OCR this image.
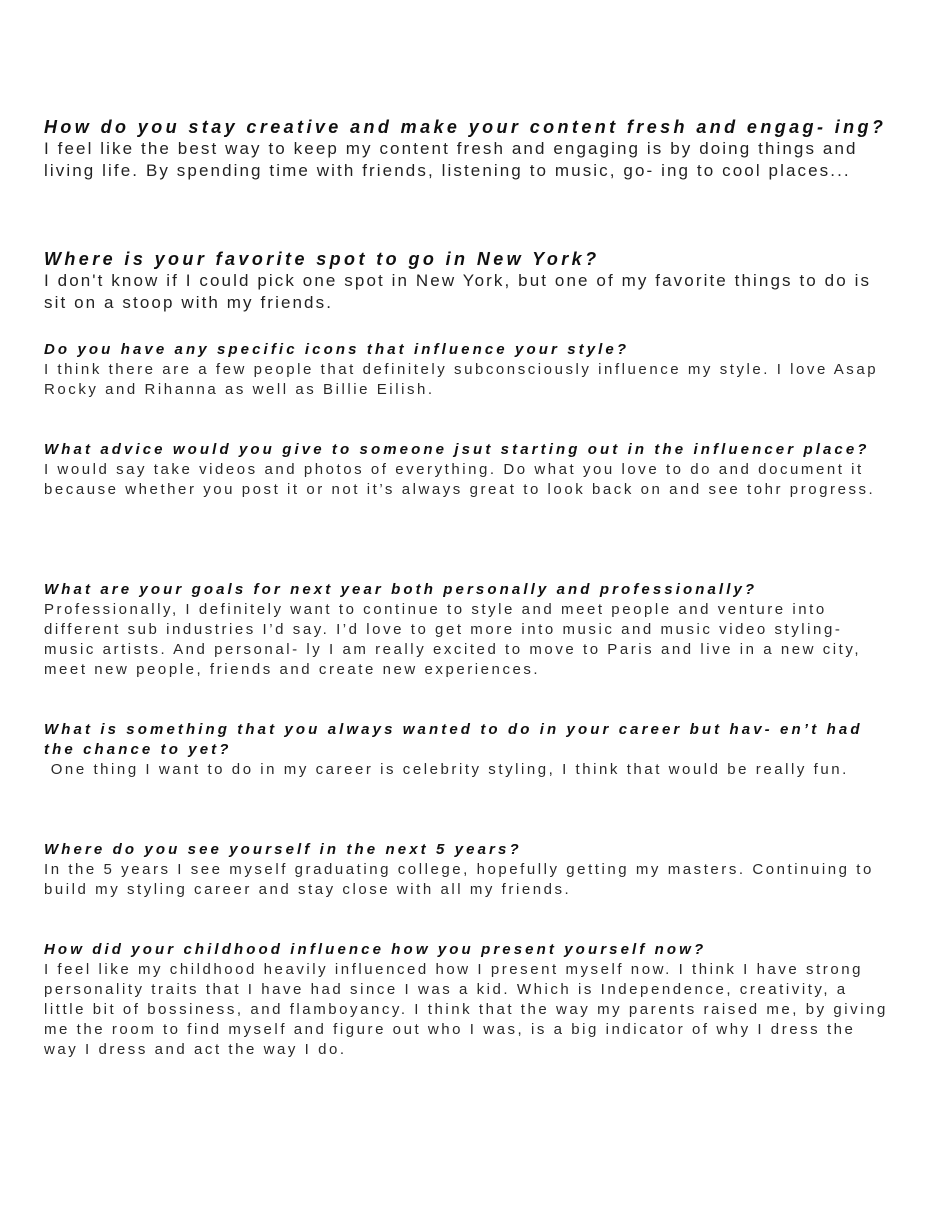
How do you stay creative and make your content fresh and engag- ing?

I feel like the best way to keep my content fresh and engaging is by doing things and living life. By spending time with friends, listening to music, go- ing to cool places...

Where is your favorite spot to go in New York?

I don't know if I could pick one spot in New York, but one of my favorite things to do is sit on a stoop with my friends.

Do you have any specific icons that influence your style?

I think there are a few people that definitely subconsciously influence my style. I love Asap Rocky and Rihanna as well as Billie Eilish.

What advice would you give to someone jsut starting out in the influencer place?

I would say take videos and photos of everything. Do what you love to do and document it because whether you post it or not it’s always great to look back on and see tohr progress.

What are your goals for next year both personally and professionally?

Professionally, I definitely want to continue to style and meet people and venture into different sub industries I’d say. I’d love to get more into music and music video styling- music artists. And personal- ly I am really excited to move to Paris and live in a new city, meet new people, friends and create new experiences.

What is something that you always wanted to do in your career but hav- en’t had the chance to yet?

One thing I want to do in my career is celebrity styling, I think that would be really fun.

Where do you see yourself in the next 5 years?

In the 5 years I see myself graduating college, hopefully getting my masters. Continuing to build my styling career and stay close with all my friends.

How did your childhood influence how you present yourself now?

I feel like my childhood heavily influenced how I present myself now. I think I have strong personality traits that I have had since I was a kid. Which is Independence, creativity, a little bit of bossiness, and flamboyancy. I think that the way my parents raised me, by giving me the room to find myself and figure out who I was, is a big indicator of why I dress the way I dress and act the way I do.
